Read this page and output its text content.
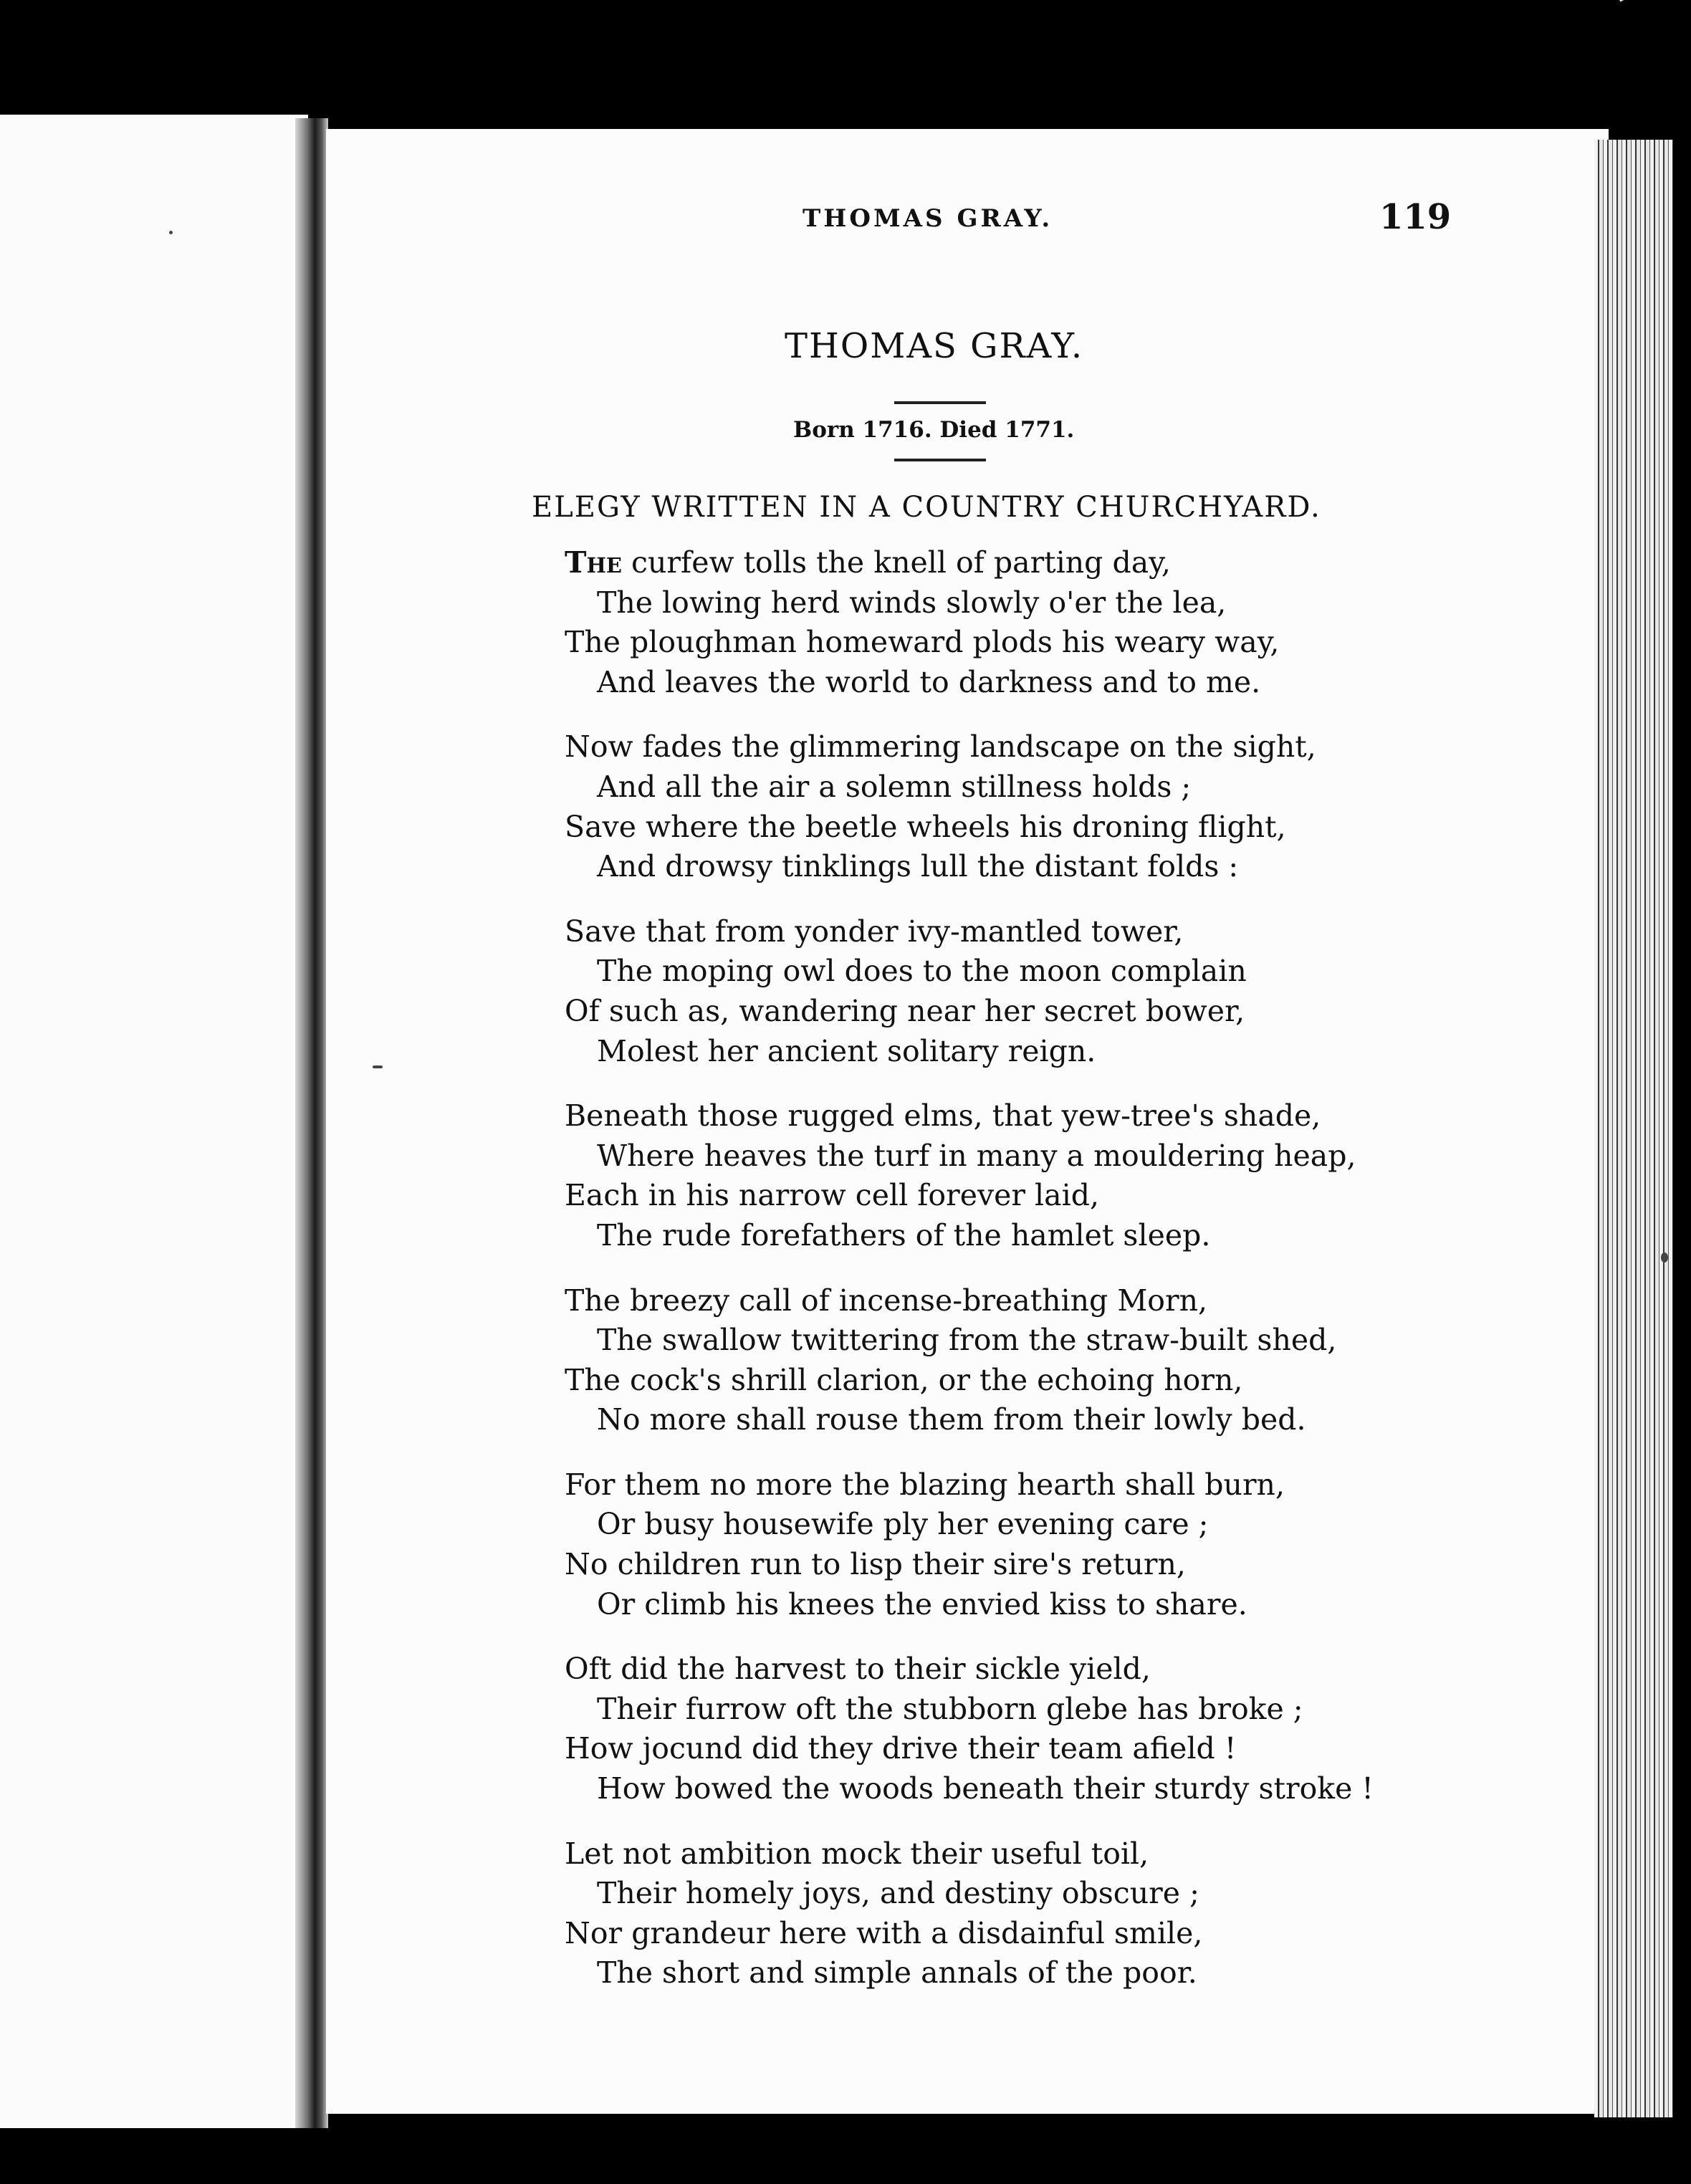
THOMAS GRAY.	119
THOMAS GRAY.
Born 1716. Died 1771.
ELEGY WRITTEN IN A COUNTRY CHURCHYARD.
The curfew tolls the knell of parting day,
The lowing herd winds slowly o'er the lea,
The ploughman homeward plods his weary way,
And leaves the world to darkness and to me.
Now fades the glimmering landscape on the sight,
And all the air a solemn stillness holds ;
Save where the beetle wheels his droning flight,
And drowsy tinklings lull the distant folds :
Save that from yonder ivy-mantled tower,
The moping owl does to the moon complain
Of such as, wandering near her secret bower,
Molest her ancient solitary reign.
Beneath those rugged elms, that yew-tree's shade,
Where heaves the turf in many a mouldering heap,
Each in his narrow cell forever laid,
The rude forefathers of the hamlet sleep.
The breezy call of incense-breathing Morn,
The swallow twittering from the straw-built shed,
The cock's shrill clarion, or the echoing horn,
No more shall rouse them from their lowly bed.
For them no more the blazing hearth shall burn,
Or busy housewife ply her evening care ;
No children run to lisp their sire's return,
Or climb his knees the envied kiss to share.
Oft did the harvest to their sickle yield,
Their furrow oft the stubborn glebe has broke ;
How jocund did they drive their team afield !
How bowed the woods beneath their sturdy stroke !
Let not ambition mock their useful toil,
Their homely joys, and destiny obscure ;
Nor grandeur here with a disdainful smile,
The short and simple annals of the poor.
